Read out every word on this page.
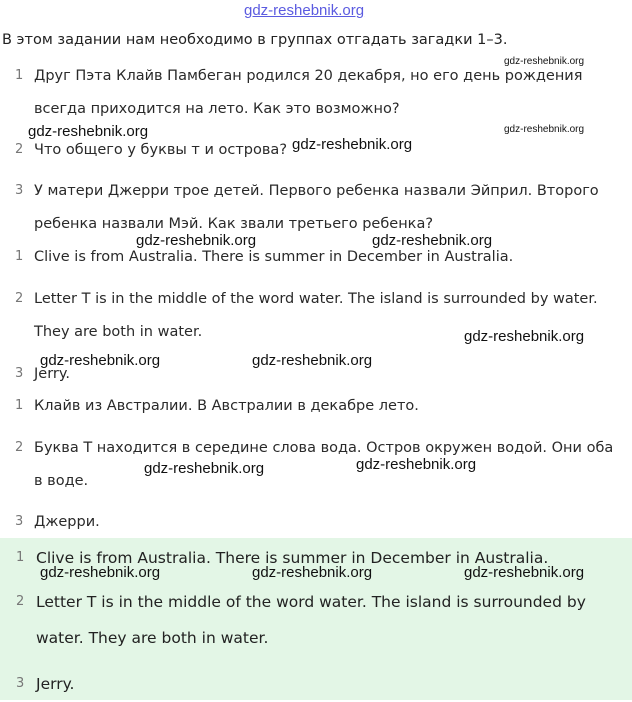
gdz-reshebnik.org
В этом задании нам необходимо в группах отгадать загадки 1–3.
1 Друг Пэта Клайв Памбеган родился 20 декабря, но его день рождения всегда приходится на лето. Как это возможно?
2 Что общего у буквы т и острова?
3 У матери Джерри трое детей. Первого ребенка назвали Эйприл. Второго ребенка назвали Мэй. Как звали третьего ребенка?
1 Clive is from Australia. There is summer in December in Australia.
2 Letter T is in the middle of the word water. The island is surrounded by water. They are both in water.
3 Jerry.
1 Клайв из Австралии. В Австралии в декабре лето.
2 Буква Т находится в середине слова вода. Остров окружен водой. Они оба в воде.
3 Джерри.
1 Clive is from Australia. There is summer in December in Australia.
2 Letter T is in the middle of the word water. The island is surrounded by water. They are both in water.
3 Jerry.
gdz-reshebnik.org
gdz-reshebnik.org	gdz-reshebnik.org
gdz-reshebnik.org
gdz-reshebnik.org	gdz-reshebnik.org
gdz-reshebnik.org
gdz-reshebnik.org	gdz-reshebnik.org
gdz-reshebnik.org	gdz-reshebnik.org
gdz-reshebnik.org	gdz-reshebnik.org	gdz-reshebnik.org
